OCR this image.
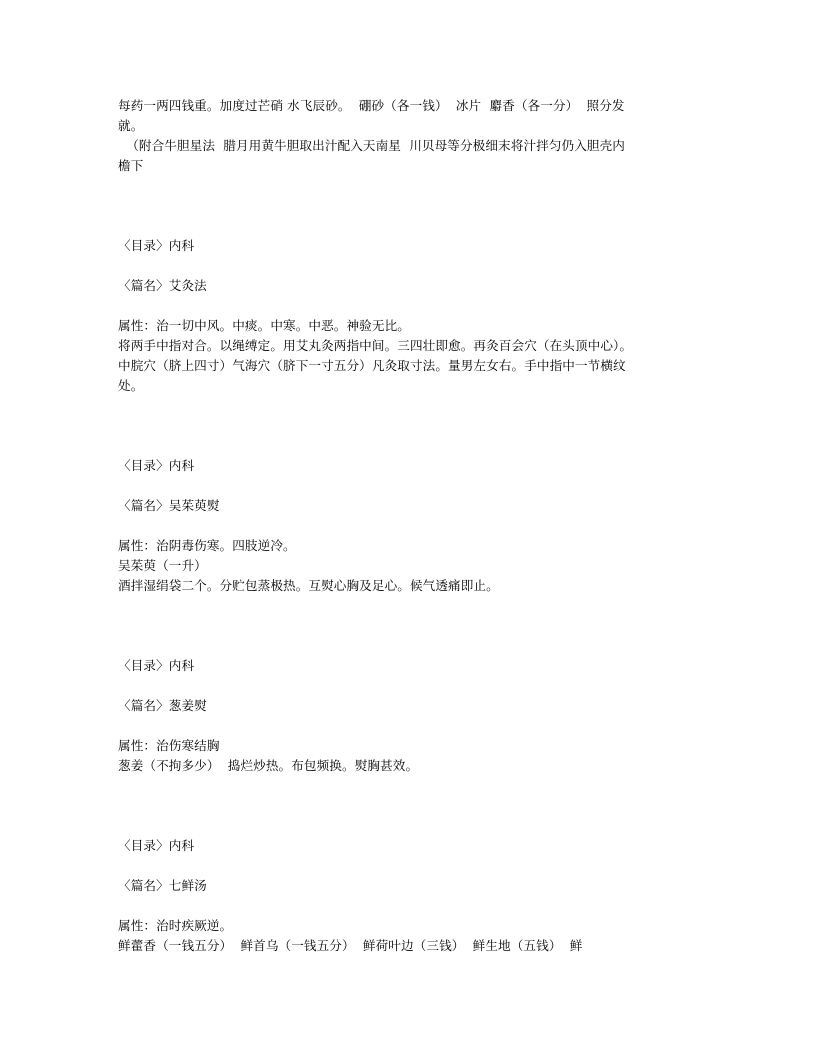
每药一两四钱重。加度过芒硝 水飞辰砂。  硼砂（各一钱）  冰片  麝香（各一分）  照分发
就。
（附合牛胆星法  腊月用黄牛胆取出汁配入天南星  川贝母等分极细末将汁拌匀仍入胆壳内
檐下
〈目录〉内科
〈篇名〉艾灸法
属性：治一切中风。中痰。中寒。中恶。神验无比。
将两手中指对合。以绳缚定。用艾丸灸两指中间。三四壮即愈。再灸百会穴（在头顶中心）。
中脘穴（脐上四寸）气海穴（脐下一寸五分）凡灸取寸法。量男左女右。手中指中一节横纹
处。
〈目录〉内科
〈篇名〉吴茱萸熨
属性：治阴毒伤寒。四肢逆冷。
吴茱萸（一升）
酒拌湿绢袋二个。分贮包蒸极热。互熨心胸及足心。候气透痛即止。
〈目录〉内科
〈篇名〉葱姜熨
属性：治伤寒结胸
葱姜（不拘多少）  捣烂炒热。布包频换。熨胸甚效。
〈目录〉内科
〈篇名〉七鲜汤
属性：治时疾厥逆。
鲜藿香（一钱五分）  鲜首乌（一钱五分）  鲜荷叶边（三钱）  鲜生地（五钱）  鲜
